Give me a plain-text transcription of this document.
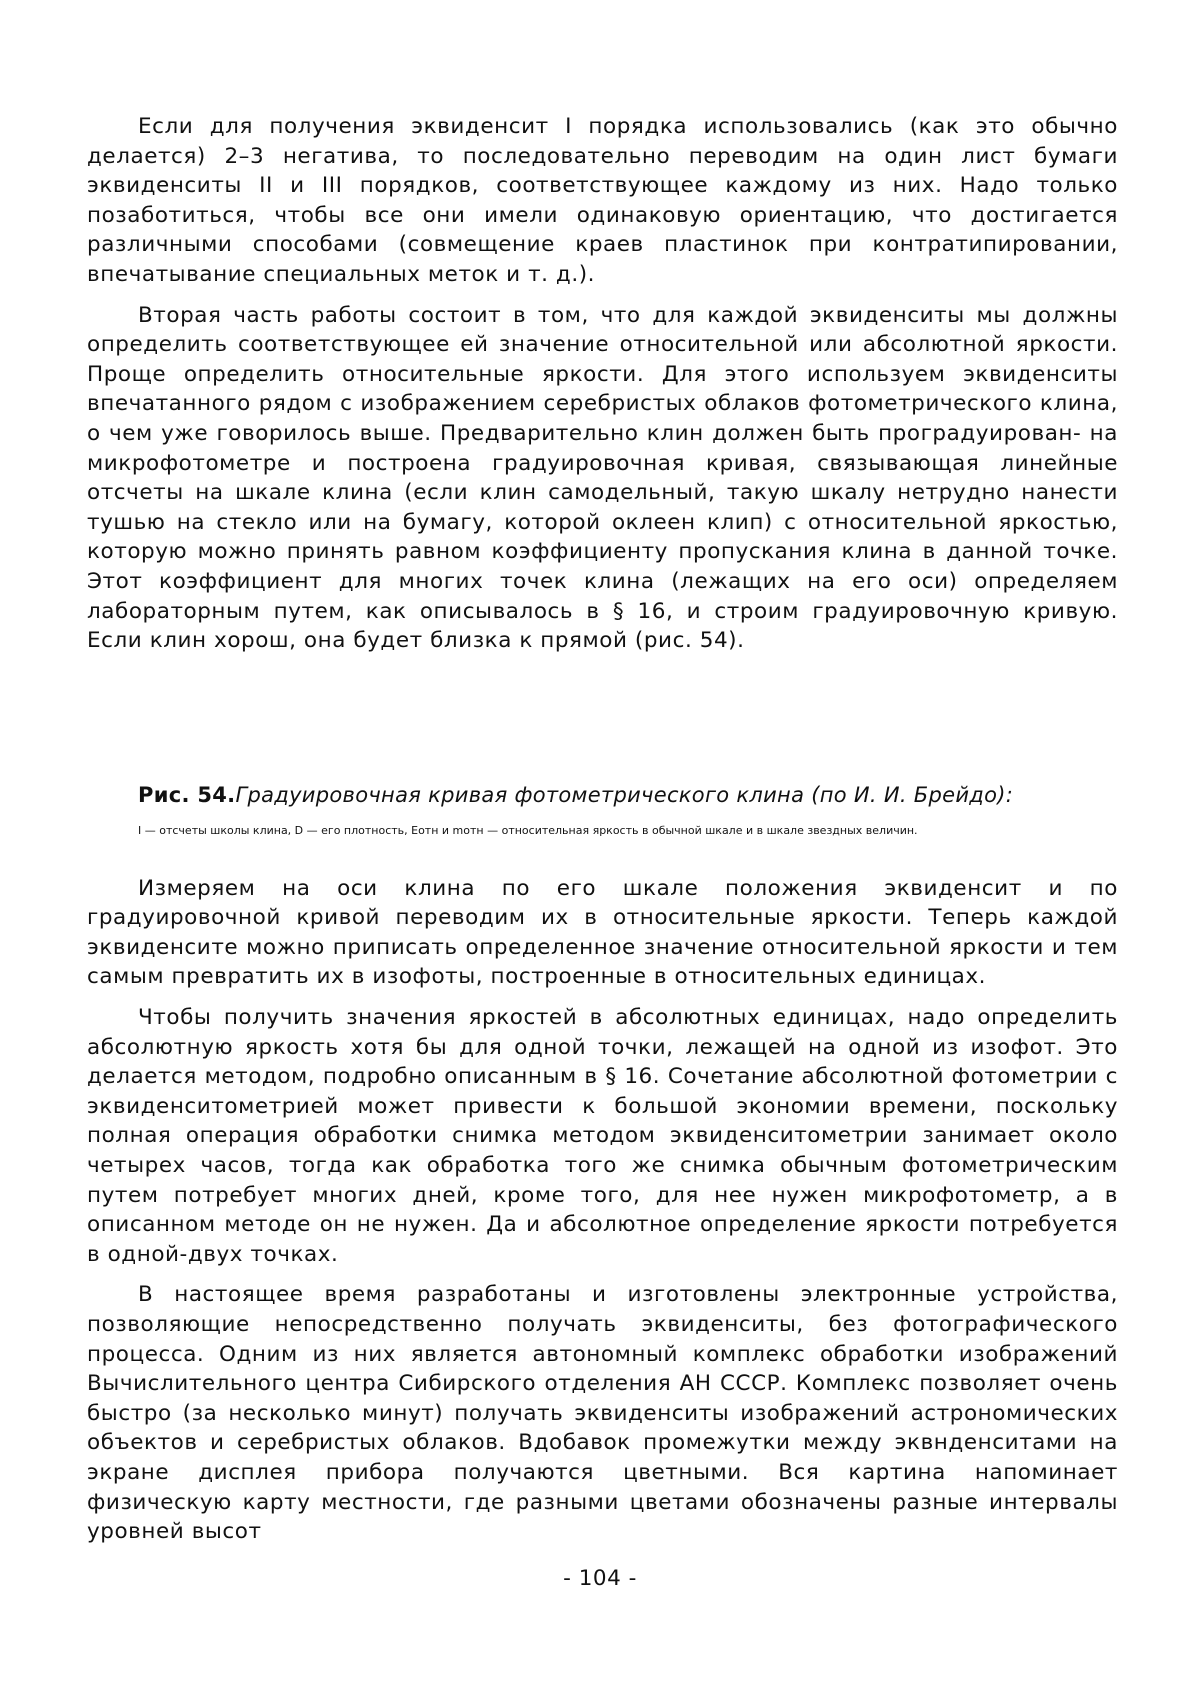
Если для получения эквиденсит I порядка использовались (как это обычно делается) 2–3 негатива, то последовательно переводим на один лист бумаги эквиденситы II и III порядков, соответствующее каждому из них. Надо только позаботиться, чтобы все они имели одинаковую ориентацию, что достигается различными способами (совмещение краев пластинок при контратипировании, впечатывание специальных меток и т. д.).

Вторая часть работы состоит в том, что для каждой эквиденситы мы должны определить соответствующее ей значение относительной или абсолютной яркости. Проще определить относительные яркости. Для этого используем эквиденситы впечатанного рядом с изображением серебристых облаков фотометрического клина, о чем уже говорилось выше. Предварительно клин должен быть проградуирован- на микрофотометре и построена градуировочная кривая, связывающая линейные отсчеты на шкале клина (если клин самодельный, такую шкалу нетрудно нанести тушью на стекло или на бумагу, которой оклеен клип) с относительной яркостью, которую можно принять равном коэффициенту пропускания клина в данной точке. Этот коэффициент для многих точек клина (лежащих на его оси) определяем лабораторным путем, как описывалось в § 16, и строим градуировочную кривую. Если клин хорош, она будет близка к прямой (рис. 54).

Рис. 54.Градуировочная кривая фотометрического клина (по И. И. Брейдо):

I — отсчеты школы клина, D — его плотность, Eотн и mотн — относительная яркость в обычной шкале и в шкале звездных величин.

Измеряем на оси клина по его шкале положения эквиденсит и по градуировочной кривой переводим их в относительные яркости. Теперь каждой эквиденсите можно приписать определенное значение относительной яркости и тем самым превратить их в изофоты, построенные в относительных единицах.

Чтобы получить значения яркостей в абсолютных единицах, надо определить абсолютную яркость хотя бы для одной точки, лежащей на одной из изофот. Это делается методом, подробно описанным в § 16. Сочетание абсолютной фотометрии с эквиденситометрией может привести к большой экономии времени, поскольку полная операция обработки снимка методом эквиденситометрии занимает около четырех часов, тогда как обработка того же снимка обычным фотометрическим путем потребует многих дней, кроме того, для нее нужен микрофотометр, а в описанном методе он не нужен. Да и абсолютное определение яркости потребуется в одной-двух точках.

В настоящее время разработаны и изготовлены электронные устройства, позволяющие непосредственно получать эквиденситы, без фотографического процесса. Одним из них является автономный комплекс обработки изображений Вычислительного центра Сибирского отделения АН СССР. Комплекс позволяет очень быстро (за несколько минут) получать эквиденситы изображений астрономических объектов и серебристых облаков. Вдобавок промежутки между эквнденситами на экране дисплея прибора получаются цветными. Вся картина напоминает физическую карту местности, где разными цветами обозначены разные интервалы уровней высот

- 104 -
